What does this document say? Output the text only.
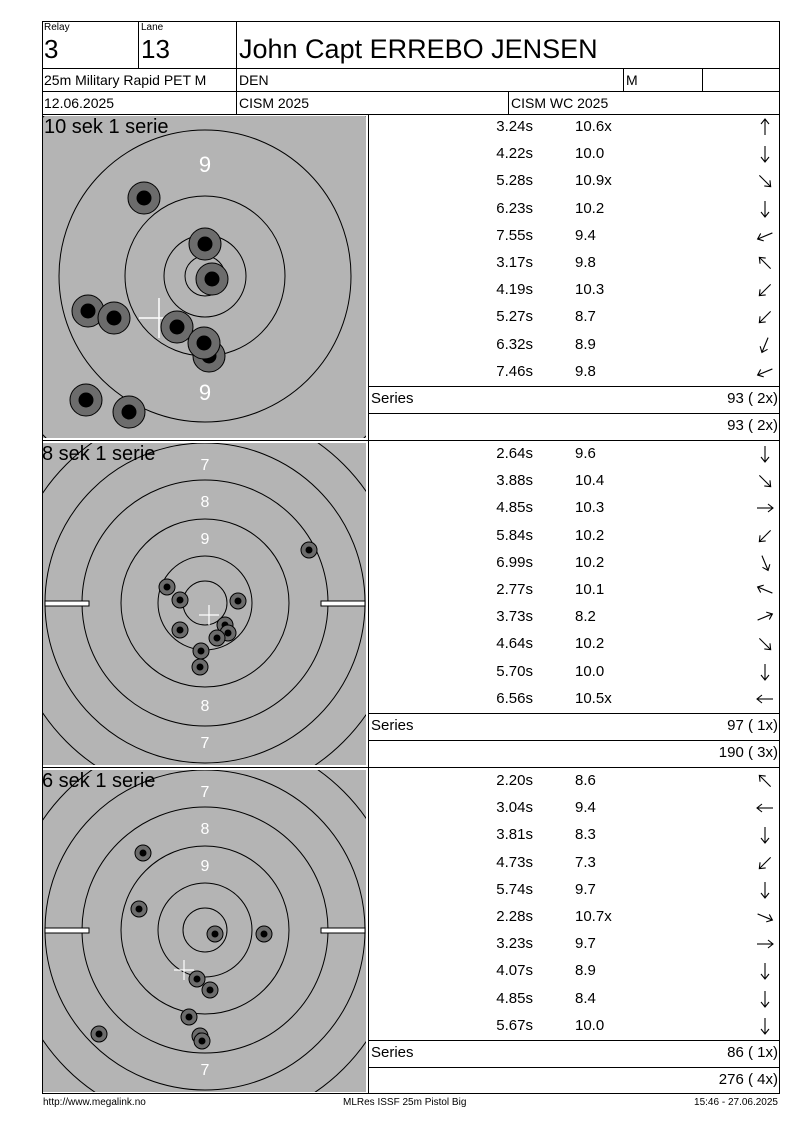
Relay
3
Lane
13	John Capt ERREBO JENSEN
25m Military Rapid PET M DEN	M
12.06.2025	CISM 2025	CISM WC 2025
9
9
10 sek 1 serie
7
8
9
8
7
8 sek 1 serie
7
8
9
7
6 sek 1 serie
3.24s	10.6x
4.22s	10.0
5.28s	10.9x
6.23s	10.2
7.55s	9.4
3.17s	9.8
4.19s	10.3
5.27s	8.7
6.32s	8.9
7.46s	9.8
Series	93 ( 2x)
93 ( 2x)
2.64s	9.6
3.88s	10.4
4.85s	10.3
5.84s	10.2
6.99s	10.2
2.77s	10.1
3.73s	8.2
4.64s	10.2
5.70s	10.0
6.56s	10.5x
Series	97 ( 1x)
190 ( 3x)
2.20s	8.6
3.04s	9.4
3.81s	8.3
4.73s	7.3
5.74s	9.7
2.28s	10.7x
3.23s	9.7
4.07s	8.9
4.85s	8.4
5.67s	10.0
Series	86 ( 1x)
276 ( 4x)
http://www.megalink.no	MLRes ISSF 25m Pistol Big	15:46 - 27.06.2025
